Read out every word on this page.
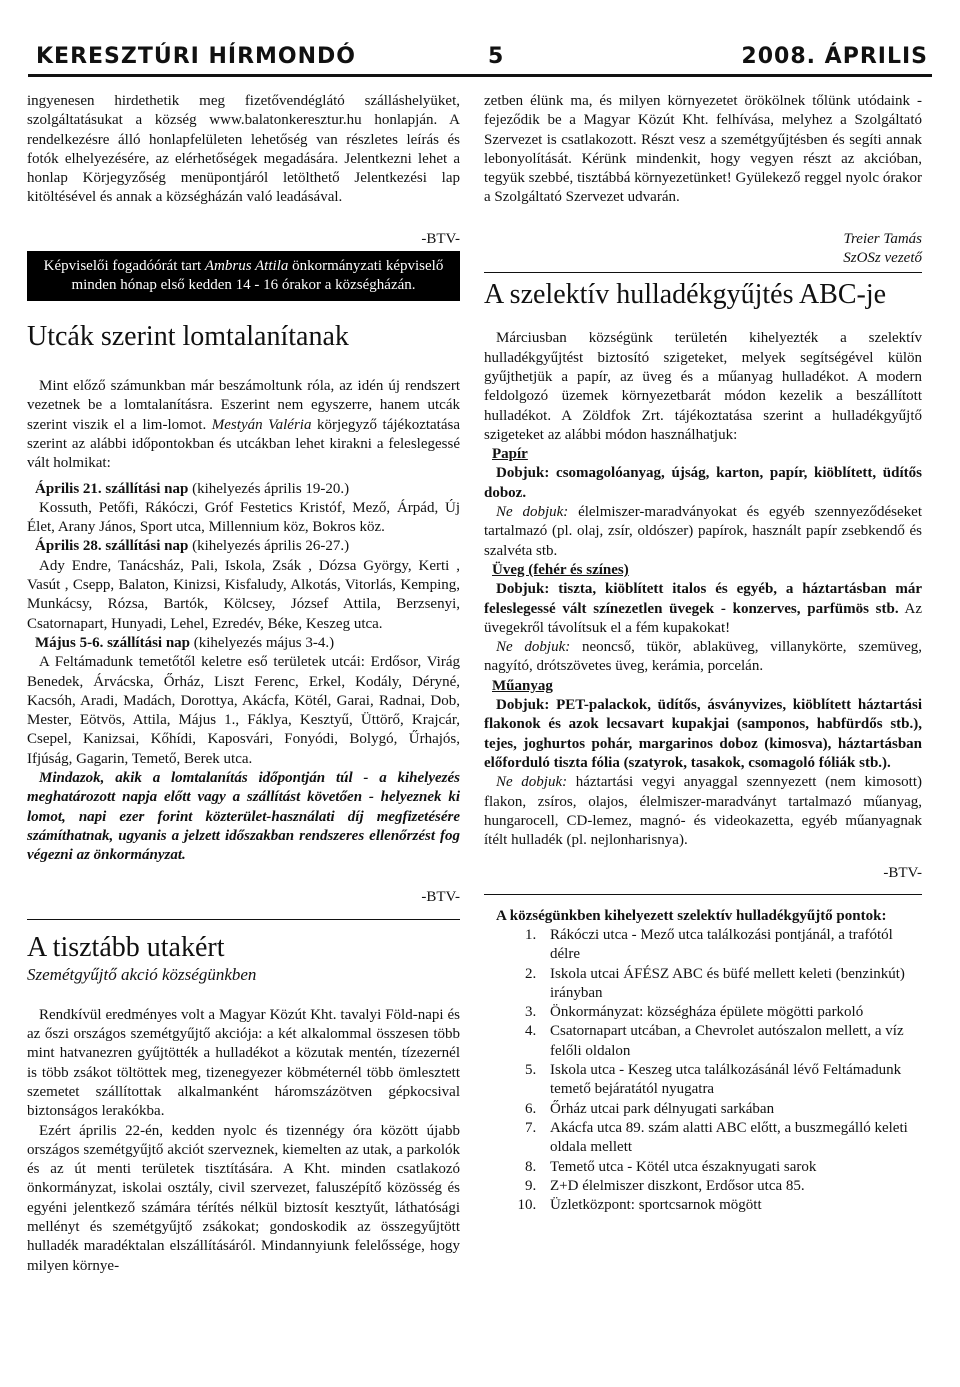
KERESZTÚRI HÍRMONDÓ	5	2008. ÁPRILIS

ingyenesen hirdethetik meg fizetővendéglátó szálláshelyüket, szolgáltatásukat a község www.balatonkeresztur.hu honlapján. A rendelkezésre álló honlapfelületen lehetőség van részletes leírás és fotók elhelyezésére, az elérhetőségek megadására. Jelentkezni lehet a honlap Körjegyzőség menüpontjáról letölthető Jelentkezési lap kitöltésével és annak a községházán való leadásával.

-BTV-

Képviselői fogadóórát tart Ambrus Attila önkormányzati képviselő minden hónap első kedden 14 - 16 órakor a községházán.
Utcák szerint lomtalanítanak

Mint előző számunkban már beszámoltunk róla, az idén új rendszert vezetnek be a lomtalanításra. Eszerint nem egyszerre, hanem utcák szerint viszik el a lim-lomot. Mestyán Valéria körjegyző tájékoztatása szerint az alábbi időpontokban és utcákban lehet kirakni a feleslegessé vált holmikat:

Április 21. szállítási nap (kihelyezés április 19-20.)

Kossuth, Petőfi, Rákóczi, Gróf Festetics Kristóf, Mező, Árpád, Új Élet, Arany János, Sport utca, Millennium köz, Bokros köz.

Április 28. szállítási nap (kihelyezés április 26-27.)

Ady Endre, Tanácsház, Pali, Iskola, Zsák , Dózsa György, Kerti , Vasút , Csepp, Balaton, Kinizsi, Kisfaludy, Alkotás, Vitorlás, Kemping, Munkácsy, Rózsa, Bartók, Kölcsey, József Attila, Berzsenyi, Csatornapart, Hunyadi, Lehel, Ezredév, Béke, Keszeg utca.

Május 5-6. szállítási nap (kihelyezés május 3-4.)

A Feltámadunk temetőtől keletre eső területek utcái: Erdősor, Virág Benedek, Árvácska, Őrház, Liszt Ferenc, Erkel, Kodály, Déryné, Kacsóh, Aradi, Madách, Dorottya, Akácfa, Kötél, Garai, Radnai, Dob, Mester, Eötvös, Attila, Május 1., Fáklya, Kesztyű, Üttörő, Krajcár, Csepel, Kanizsai, Kőhídi, Kaposvári, Fonyódi, Bolygó, Űrhajós, Ifjúság, Gagarin, Temető, Berek utca.

Mindazok, akik a lomtalanítás időpontján túl - a kihelyezés meghatározott napja előtt vagy a szállítást követően - helyeznek ki lomot, napi ezer forint közterület-használati díj megfizetésére számíthatnak, ugyanis a jelzett időszakban rendszeres ellenőrzést fog végezni az önkormányzat.

-BTV-

A tisztább utakért

Szemétgyűjtő akció községünkben

Rendkívül eredményes volt a Magyar Közút Kht. tavalyi Föld-napi és az őszi országos szemétgyűjtő akciója: a két alkalommal összesen több mint hatvanezren gyűjtötték a hulladékot a közutak mentén, tízezernél is több zsákot töltöttek meg, tizenegyezer köbméternél több ömlesztett szemetet szállítottak alkalmanként háromszázötven gépkocsival biztonságos lerakókba.

Ezért április 22-én, kedden nyolc és tizennégy óra között újabb országos szemétgyűjtő akciót szerveznek, kiemelten az utak, a parkolók és az út menti területek tisztítására. A Kht. minden csatlakozó önkormányzat, iskolai osztály, civil szervezet, faluszépítő közösség és egyéni jelentkező számára térítés nélkül biztosít kesztyűt, láthatósági mellényt és szemétgyűjtő zsákokat; gondoskodik az összegyűjtött hulladék maradéktalan elszállításáról. Mindannyiunk felelőssége, hogy milyen környe-

zetben élünk ma, és milyen környezetet örökölnek tőlünk utódaink - fejeződik be a Magyar Közút Kht. felhívása, melyhez a Szolgáltató Szervezet is csatlakozott. Részt vesz a szemétgyűjtésben és segíti annak lebonyolítását. Kérünk mindenkit, hogy vegyen részt az akcióban, tegyük szebbé, tisztábbá környezetünket! Gyülekező reggel nyolc órakor a Szolgáltató Szervezet udvarán.

Treier Tamás

SzOSz vezető

A szelektív hulladékgyűjtés ABC-je

Márciusban községünk területén kihelyezték a szelektív hulladékgyűjtést biztosító szigeteket, melyek segítségével külön gyűjthetjük a papír, az üveg és a műanyag hulladékot. A modern feldolgozó üzemek környezetbarát módon kezelik a beszállított hulladékot. A Zöldfok Zrt. tájékoztatása szerint a hulladékgyűjtő szigeteket az alábbi módon használhatjuk:

Papír

Dobjuk: csomagolóanyag, újság, karton, papír, kiöblített, üdítős doboz.

Ne dobjuk: élelmiszer-maradványokat és egyéb szennyeződéseket tartalmazó (pl. olaj, zsír, oldószer) papírok, használt papír zsebkendő és szalvéta stb.

Üveg (fehér és színes)

Dobjuk: tiszta, kiöblített italos és egyéb, a háztartásban már feleslegessé vált színezetlen üvegek - konzerves, parfümös stb. Az üvegekről távolítsuk el a fém kupakokat!

Ne dobjuk: neoncső, tükör, ablaküveg, villanykörte, szemüveg, nagyító, drótszövetes üveg, kerámia, porcelán.

Műanyag

Dobjuk: PET-palackok, üdítős, ásványvizes, kiöblített háztartási flakonok és azok lecsavart kupakjai (samponos, habfürdős stb.), tejes, joghurtos pohár, margarinos doboz (kimosva), háztartásban előforduló tiszta fólia (szatyrok, tasakok, csomagoló fóliák stb.).

Ne dobjuk: háztartási vegyi anyaggal szennyezett (nem kimosott) flakon, zsíros, olajos, élelmiszer-maradványt tartalmazó műanyag, hungarocell, CD-lemez, magnó- és videokazetta, egyéb műanyagnak ítélt hulladék (pl. nejlonharisnya).

-BTV-

A községünkben kihelyezett szelektív hulladékgyűjtő pontok:

1. Rákóczi utca - Mező utca találkozási pontjánál, a trafótól délre
2. Iskola utcai ÁFÉSZ ABC és büfé mellett keleti (benzinkút) irányban
3. Önkormányzat: községháza épülete mögötti parkoló
4. Csatornapart utcában, a Chevrolet autószalon mellett, a víz felőli oldalon
5. Iskola utca - Keszeg utca találkozásánál lévő Feltámadunk temető bejáratától nyugatra
6. Őrház utcai park délnyugati sarkában
7. Akácfa utca 89. szám alatti ABC előtt, a buszmegálló keleti oldala mellett
8. Temető utca - Kötél utca északnyugati sarok
9. Z+D élelmiszer diszkont, Erdősor utca 85.
10. Üzletközpont: sportcsarnok mögött
